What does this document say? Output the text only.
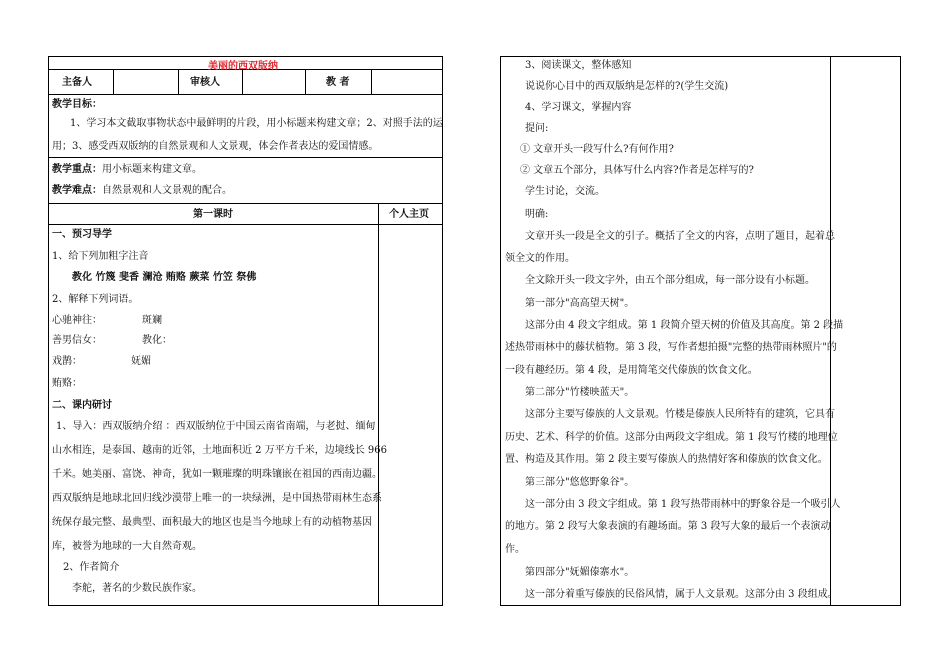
美丽的西双版纳
主备人	审核人	教 者
教学目标：
1、学习本文截取事物状态中最鲜明的片段，用小标题来构建文章；2、对照手法的运
用；3、感受西双版纳的自然景观和人文景观，体会作者表达的爱国情感。
教学重点：用小标题来构建文章。
教学难点：自然景观和人文景观的配合。
第一课时	个人主页
一、预习导学
1、给下列加粗字注音
教化 竹篾 斐香 澜沧 贿赂 蕨菜 竹笠 祭佛
2、解释下列词语。
心驰神往：	斑斓
善男信女：	教化：
戏鹊：	妩媚
贿赂：
二、课内研讨
1、导入：西双版纳介绍 ：西双版纳位于中国云南省南端，与老挝、缅甸
山水相连，是泰国、越南的近邻，土地面积近 2 万平方千米，边境线长 966
千米。她美丽、富饶、神奇，犹如一颗璀璨的明珠镶嵌在祖国的西南边疆。
西双版纳是地球北回归线沙漠带上唯一的一块绿洲，是中国热带雨林生态系
统保存最完整、最典型、面积最大的地区也是当今地球上有的动植物基因
库，被誉为地球的一大自然奇观。
2、作者简介
李舵，著名的少数民族作家。
3、阅读课文，整体感知
说说你心目中的西双版纳是怎样的?(学生交流)
4、学习课文，掌握内容
提问:
① 文章开头一段写什么?有何作用?
② 文章五个部分，具体写什么内容?作者是怎样写的?
学生讨论，交流。
明确:
文章开头一段是全文的引子。概括了全文的内容，点明了题目，起着总
领全文的作用。
全文除开头一段文字外，由五个部分组成，每一部分设有小标题。
第一部分"高高望天树"。
这部分由 4 段文字组成。第 1 段简介望天树的价值及其高度。第 2 段描
述热带雨林中的藤状植物。第 3 段，写作者想拍摄"完整的热带雨林照片"的
一段有趣经历。第 4 段，是用简笔交代傣族的饮食文化。
第二部分"竹楼映蓝天"。
这部分主要写傣族的人文景观。竹楼是傣族人民所特有的建筑，它具有
历史、艺术、科学的价值。这部分由两段文字组成。第 1 段写竹楼的地理位
置、构造及其作用。第 2 段主要写傣族人的热情好客和傣族的饮食文化。
第三部分"悠悠野象谷"。
这一部分由 3 段文字组成。第 1 段写热带雨林中的野象谷是一个吸引人
的地方。第 2 段写大象表演的有趣场面。第 3 段写大象的最后一个表演动
作。
第四部分"妩媚傣寨水"。
这一部分着重写傣族的民俗风情，属于人文景观。这部分由 3 段组成。
